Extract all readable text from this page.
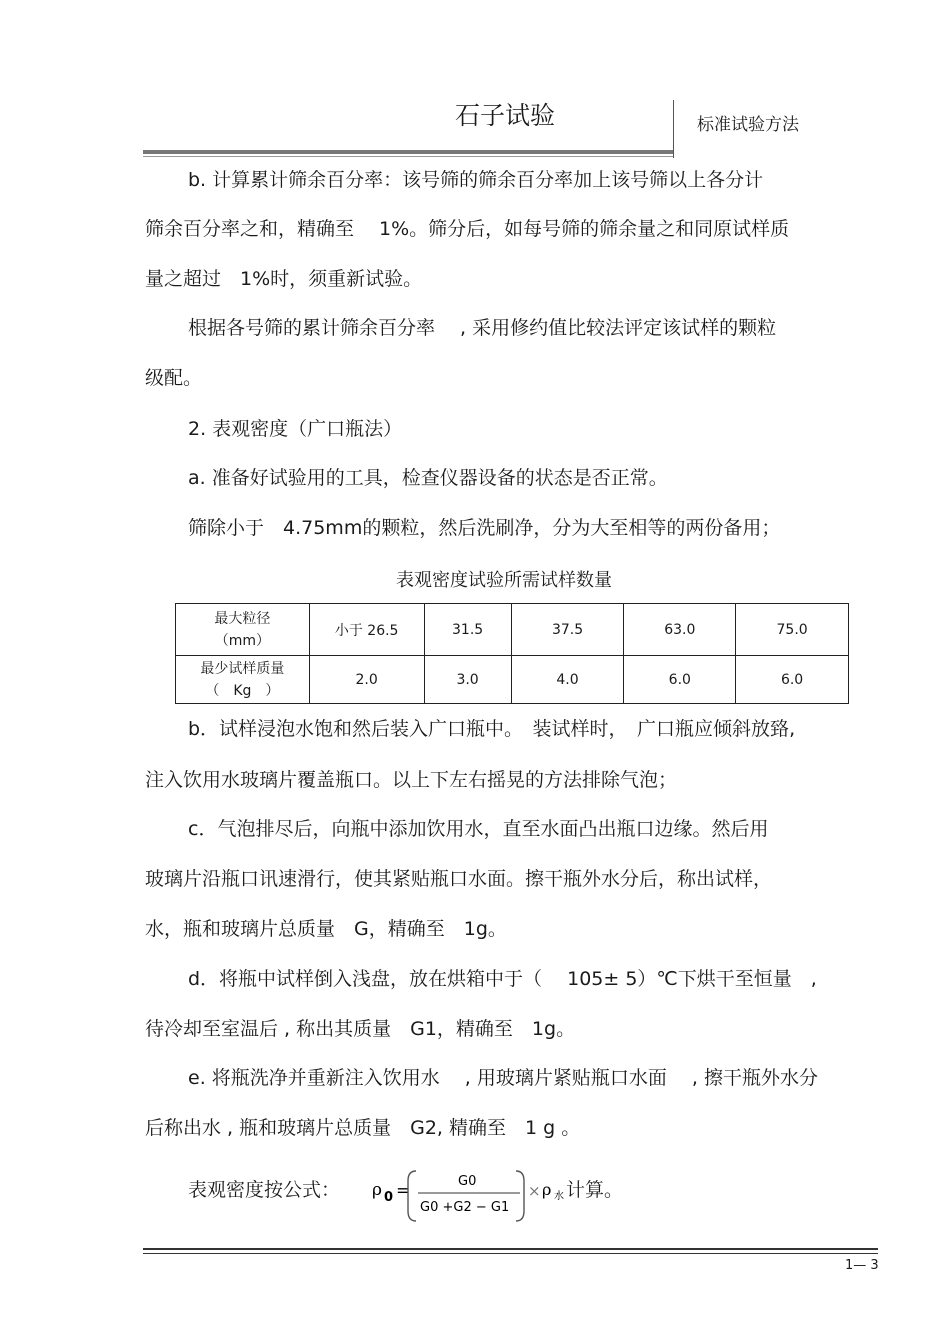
石子试验	标准试验方法
b. 计算累计筛余百分率：该号筛的筛余百分率加上该号筛以上各分计
筛余百分率之和，精确至　 1%。筛分后，如每号筛的筛余量之和同原试样质
量之超过　1%时，须重新试验。
根据各号筛的累计筛余百分率　 , 采用修约值比较法评定该试样的颗粒
级配。
2. 表观密度（广口瓶法）
a. 准备好试验用的工具，检查仪器设备的状态是否正常。
筛除小于　4.75mm的颗粒，然后洗刷净，分为大至相等的两份备用；
表观密度试验所需试样数量
最大粒径
（mm）	小于 26.5	31.5	37.5	63.0	75.0
最少试样质量
（　Kg　）	2.0	3.0	4.0	6.0	6.0
b．试样浸泡水饱和然后装入广口瓶中。　装试样时，　广口瓶应倾斜放臵,
注入饮用水玻璃片覆盖瓶口。以上下左右摇晃的方法排除气泡；
c．气泡排尽后，向瓶中添加饮用水，直至水面凸出瓶口边缘。然后用
玻璃片沿瓶口讯速滑行，使其紧贴瓶口水面。擦干瓶外水分后，称出试样，
水，瓶和玻璃片总质量　G，精确至　1g。
d．将瓶中试样倒入浅盘，放在烘箱中于（　 105± 5）℃下烘干至恒量　,
待冷却至室温后 , 称出其质量　G1，精确至　1g。
e. 将瓶洗净并重新注入饮用水　 , 用玻璃片紧贴瓶口水面　 , 擦干瓶外水分
后称出水 , 瓶和玻璃片总质量　G2, 精确至　1 g 。
表观密度按公式： ρ 0 =	G0
G0 +G2 − G1
× ρ 水 计算。
1— 3
